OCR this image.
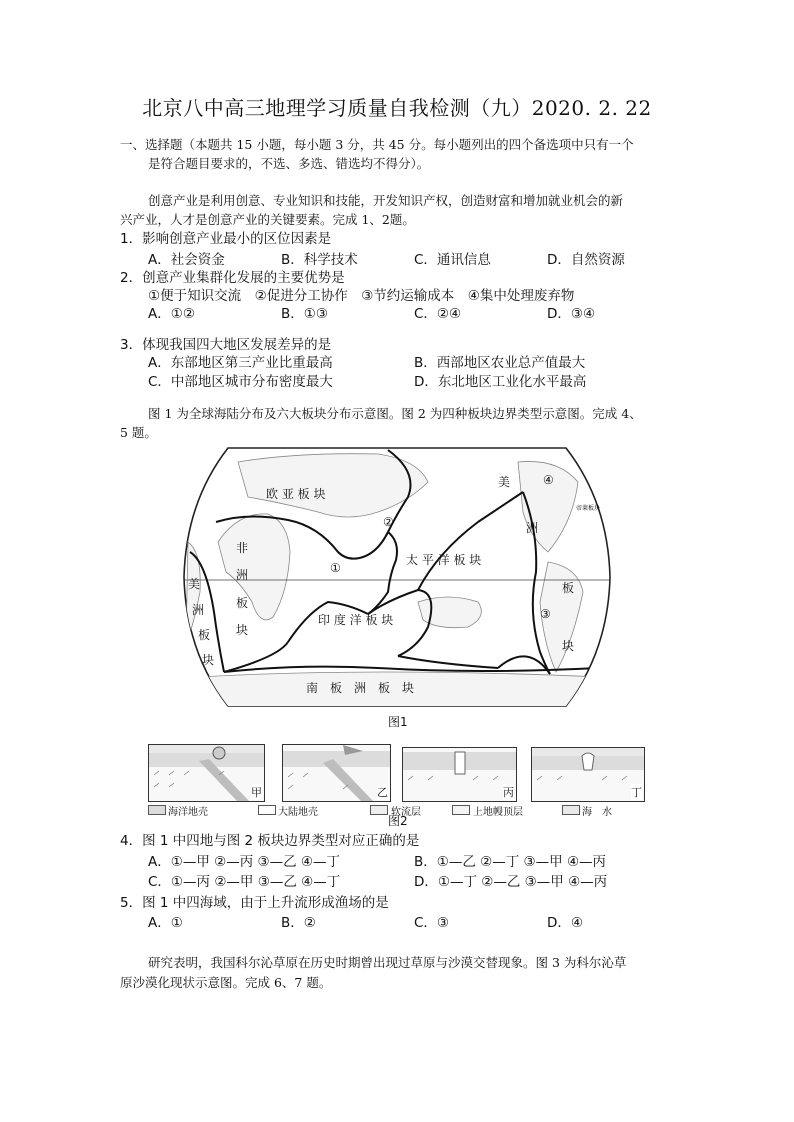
北京八中高三地理学习质量自我检测（九）2020. 2. 22
一、选择题（本题共 15 小题，每小题 3 分，共 45 分。每小题列出的四个备选项中只有一个
是符合题目要求的，不选、多选、错选均不得分）。
创意产业是利用创意、专业知识和技能，开发知识产权，创造财富和增加就业机会的新
兴产业，人才是创意产业的关键要素。完成 1、2题。
1．影响创意产业最小的区位因素是
A．社会资金	B．科学技术	C．通讯信息	D．自然资源
2．创意产业集群化发展的主要优势是
①便于知识交流　②促进分工协作　③节约运输成本　④集中处理废弃物
A．①②	B．①③	C．②④	D．③④
3．体现我国四大地区发展差异的是
A．东部地区第三产业比重最高	B．西部地区农业总产值最大
C．中部地区城市分布密度最大	D．东北地区工业化水平最高
图 1 为全球海陆分布及六大板块分布示意图。图 2 为四种板块边界类型示意图。完成 4、
5 题。
欧 亚 板 块
非
洲
板
块
太 平 洋 板 块
印 度 洋 板 块
南　板　洲　板　块
美
洲
板
块
美
洲
板
块
帝莱板块
④
②
③
①
图1
甲	乙	丙	丁
海洋地壳	大陆地壳	软流层	上地幔顶层	海　水
图2
4．图 1 中四地与图 2 板块边界类型对应正确的是
A．①—甲 ②—丙 ③—乙 ④—丁	B．①—乙 ②—丁 ③—甲 ④—丙
C．①—丙 ②—甲 ③—乙 ④—丁	D．①—丁 ②—乙 ③—甲 ④—丙
5．图 1 中四海域，由于上升流形成渔场的是
A．①	B．②	C．③	D．④
研究表明，我国科尔沁草原在历史时期曾出现过草原与沙漠交替现象。图 3 为科尔沁草
原沙漠化现状示意图。完成 6、7 题。
